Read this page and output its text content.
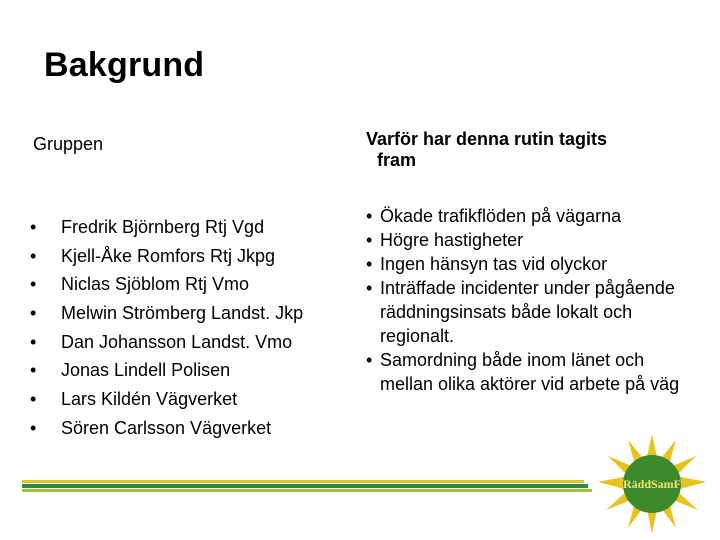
Bakgrund
Gruppen	Varför har denna rutin tagits
fram
• Fredrik Björnberg Rtj Vgd
• Kjell-Åke Romfors Rtj Jkpg
• Niclas Sjöblom Rtj Vmo
• Melwin Strömberg Landst. Jkp
• Dan Johansson Landst. Vmo
• Jonas Lindell Polisen
• Lars Kildén Vägverket
• Sören Carlsson Vägverket
• Ökade trafikflöden på vägarna
• Högre hastigheter
• Ingen hänsyn tas vid olyckor
• Inträffade incidenter under pågående räddningsinsats både lokalt och regionalt.
• Samordning både inom länet och mellan olika aktörer vid arbete på väg
RäddSamF
